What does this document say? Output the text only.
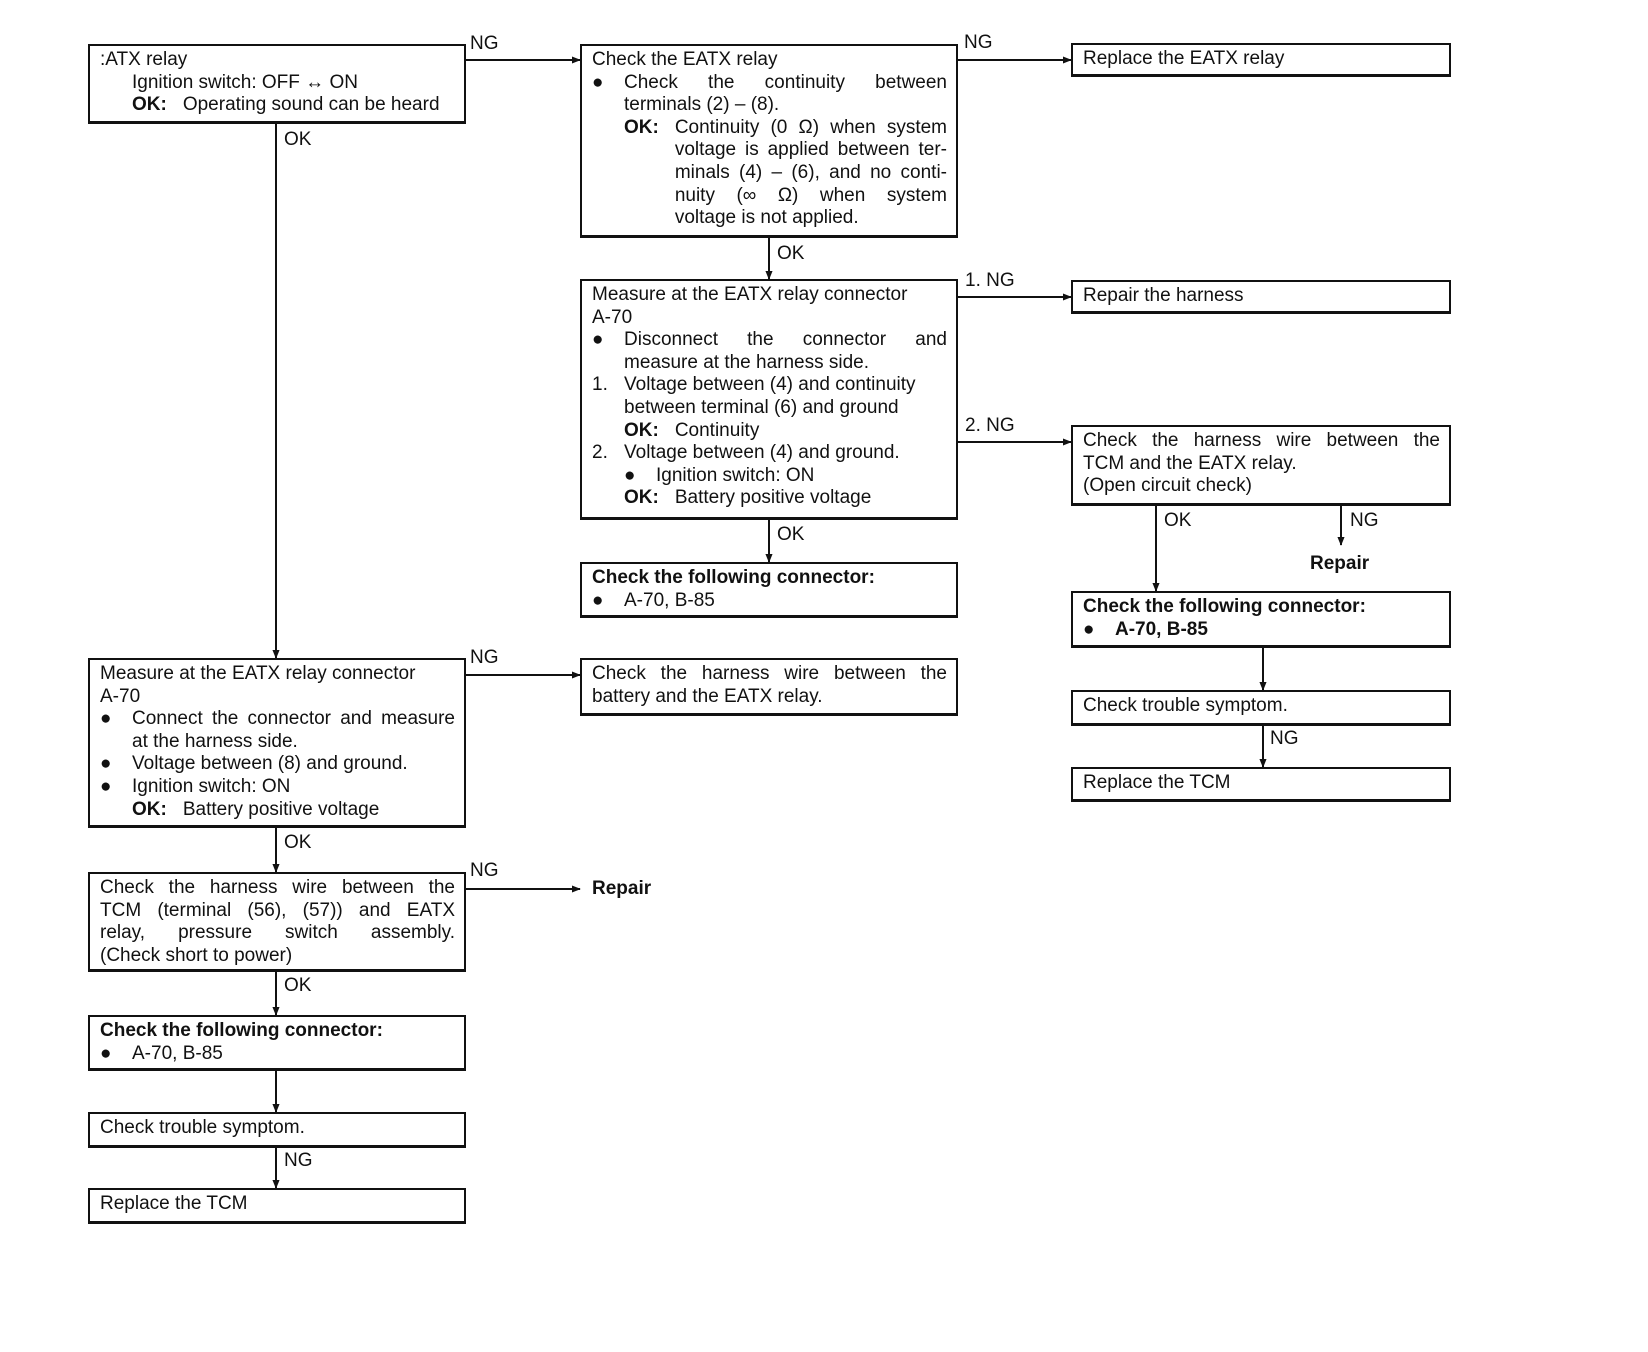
NG	NG
OK
OK
1. NG
2. NG
OK
OK	NG
Repair
NG
NG
OK
NG
Repair
OK
NG

:ATX relay

Ignition switch: OFF ↔ ON

OK: Operating sound can be heard

Check the EATX relay

●	Check the continuity between

terminals (2) – (8).

OK: Continuity (0 Ω) when system

voltage is applied between ter-

minals (4) – (6), and no conti-

nuity (∞ Ω) when system

voltage is not applied.

Replace the EATX relay

Measure at the EATX relay connector

A-70

●	Disconnect the connector and

measure at the harness side.

1. Voltage between (4) and continuity

between terminal (6) and ground

OK: Continuity

2. Voltage between (4) and ground.

●	Ignition switch: ON

OK: Battery positive voltage

Repair the harness

Check the harness wire between the

TCM and the EATX relay.

(Open circuit check)

Check the following connector:

●	A-70, B-85	Check the following connector:

●	A-70, B-85

Check trouble symptom.

Replace the TCM

Measure at the EATX relay connector

A-70

●	Connect the connector and measure

at the harness side.

●	Voltage between (8) and ground.

●	Ignition switch: ON

OK: Battery positive voltage

Check the harness wire between the

battery and the EATX relay.

Check the harness wire between the

TCM (terminal (56), (57)) and EATX

relay, pressure switch assembly.

(Check short to power)

Check the following connector:

●	A-70, B-85

Check trouble symptom.

Replace the TCM
